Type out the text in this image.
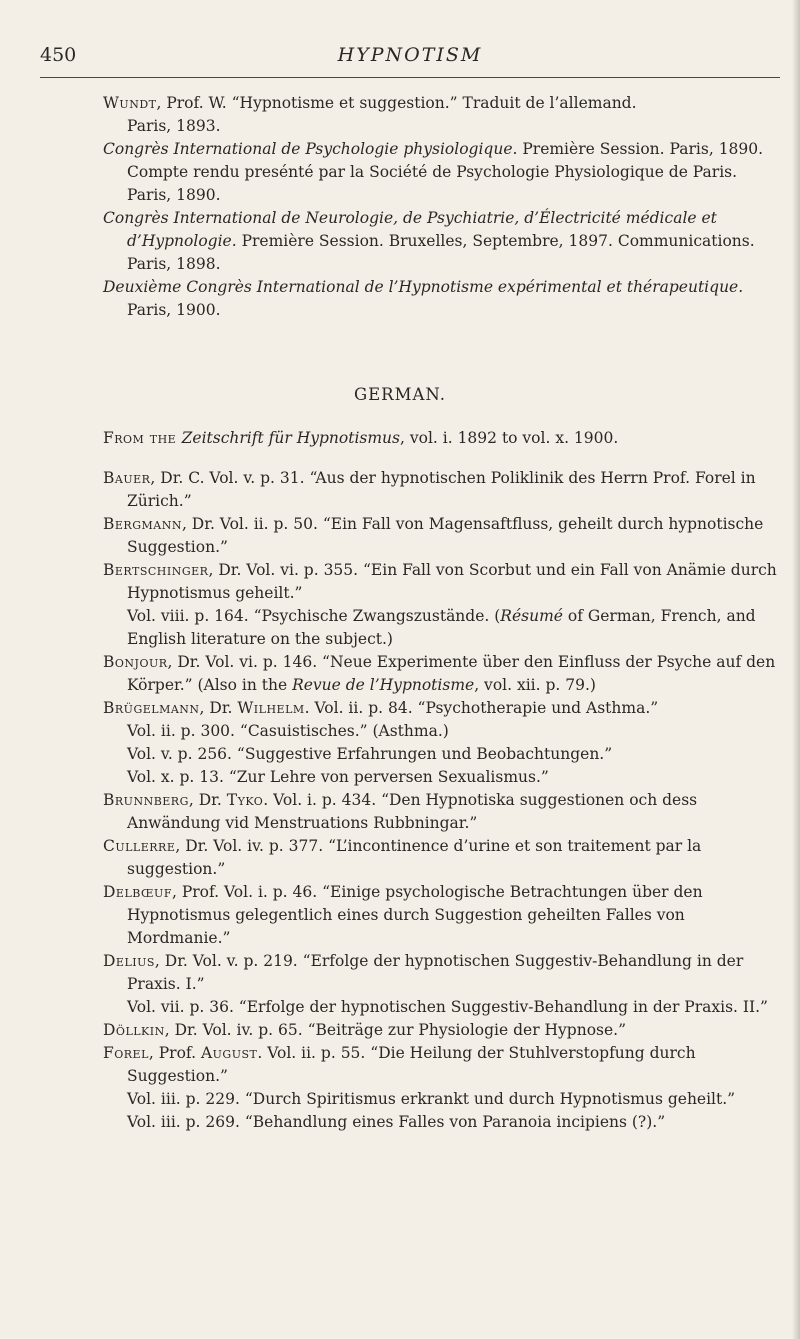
450	HYPNOTISM
Wundt, Prof. W. “Hypnotisme et suggestion.” Traduit de l’allemand.
Paris, 1893.
Congrès International de Psychologie physiologique. Première Session. Paris, 1890. Compte rendu presénté par la Société de Psychologie Physiologique de Paris. Paris, 1890.
Congrès International de Neurologie, de Psychiatrie, d’Électricité médicale et d’Hypnologie. Première Session. Bruxelles, Septembre, 1897. Communications. Paris, 1898.
Deuxième Congrès International de l’Hypnotisme expérimental et thérapeutique. Paris, 1900.
GERMAN.
From the Zeitschrift für Hypnotismus, vol. i. 1892 to vol. x. 1900.
Bauer, Dr. C. Vol. v. p. 31. “Aus der hypnotischen Poliklinik des Herrn Prof. Forel in Zürich.”
Bergmann, Dr. Vol. ii. p. 50. “Ein Fall von Magensaftfluss, geheilt durch hypnotische Suggestion.”
Bertschinger, Dr. Vol. vi. p. 355. “Ein Fall von Scorbut und ein Fall von Anämie durch Hypnotismus geheilt.”
Vol. viii. p. 164. “Psychische Zwangszustände. (Résumé of German, French, and English literature on the subject.)
Bonjour, Dr. Vol. vi. p. 146. “Neue Experimente über den Einfluss der Psyche auf den Körper.” (Also in the Revue de l’Hypnotisme, vol. xii. p. 79.)
Brügelmann, Dr. Wilhelm. Vol. ii. p. 84. “Psychotherapie und Asthma.”
Vol. ii. p. 300. “Casuistisches.” (Asthma.)
Vol. v. p. 256. “Suggestive Erfahrungen und Beobachtungen.”
Vol. x. p. 13. “Zur Lehre von perversen Sexualismus.”
Brunnberg, Dr. Tyko. Vol. i. p. 434. “Den Hypnotiska suggestionen och dess Anwändung vid Menstruations Rubbningar.”
Cullerre, Dr. Vol. iv. p. 377. “L’incontinence d’urine et son traitement par la suggestion.”
Delbœuf, Prof. Vol. i. p. 46. “Einige psychologische Betrachtungen über den Hypnotismus gelegentlich eines durch Suggestion geheilten Falles von Mordmanie.”
Delius, Dr. Vol. v. p. 219. “Erfolge der hypnotischen Suggestiv-Behandlung in der Praxis. I.”
Vol. vii. p. 36. “Erfolge der hypnotischen Suggestiv-Behandlung in der Praxis. II.”
Döllkin, Dr. Vol. iv. p. 65. “Beiträge zur Physiologie der Hypnose.”
Forel, Prof. August. Vol. ii. p. 55. “Die Heilung der Stuhlverstopfung durch Suggestion.”
Vol. iii. p. 229. “Durch Spiritismus erkrankt und durch Hypnotismus geheilt.”
Vol. iii. p. 269. “Behandlung eines Falles von Paranoia incipiens (?).”
